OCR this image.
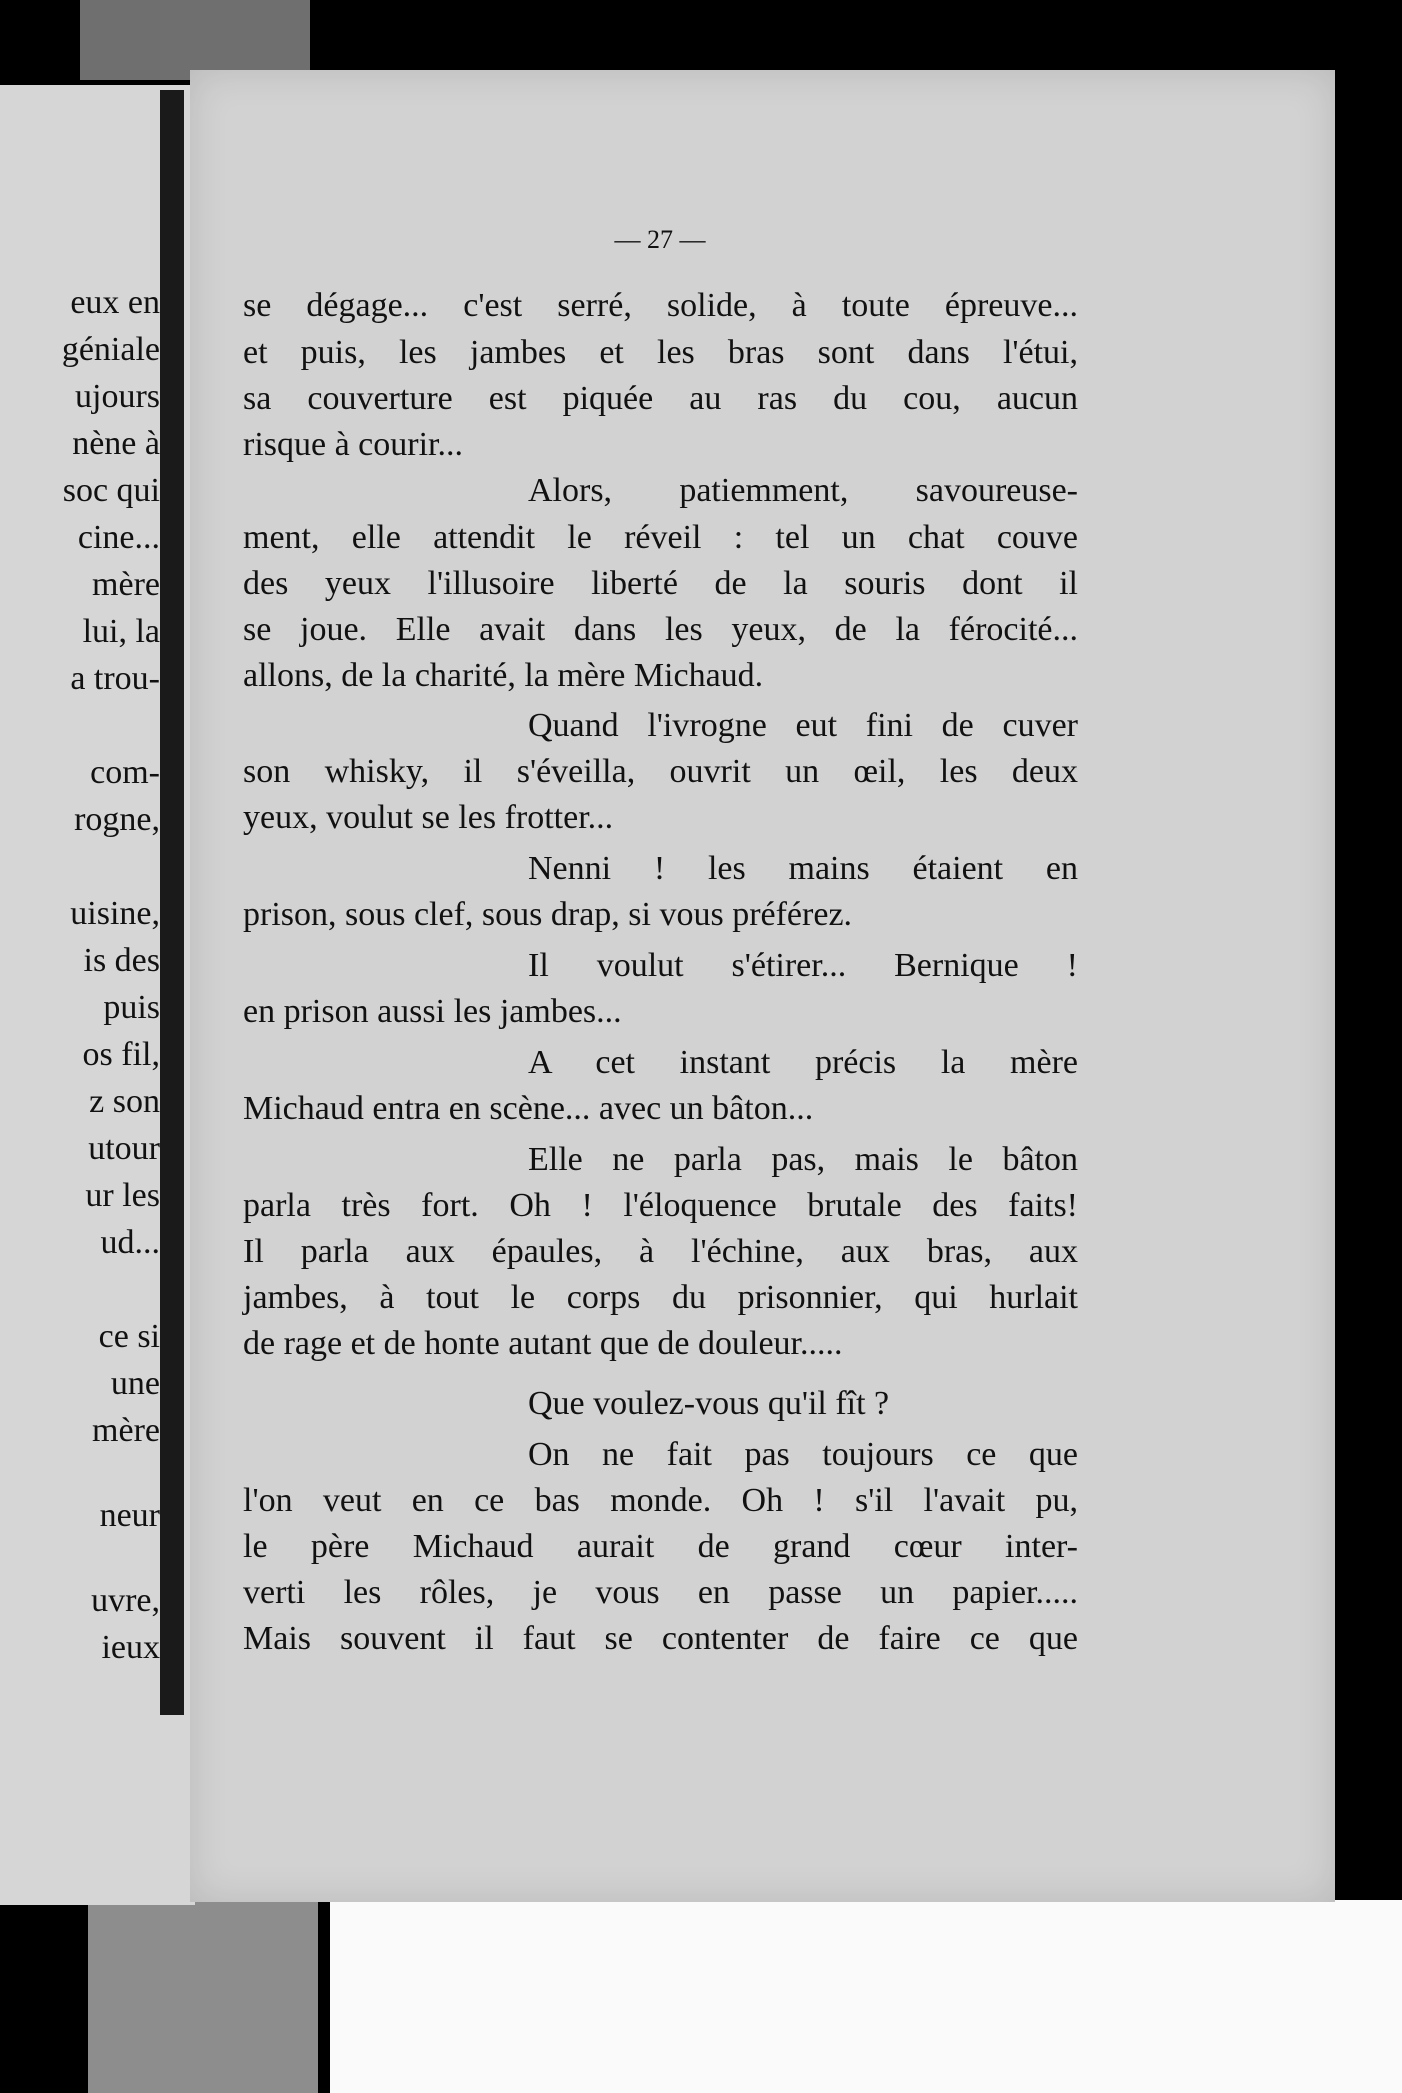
eux en
géniale
ujours
nène à
soc qui
cine...
mère
lui, la
a trou-
com-
rogne,
uisine,
is des
puis
os fil,
z son
utour
ur les
ud...
ce si
une
mère
neur
uvre,
ieux
— 27 —
se dégage... c'est serré, solide, à toute épreuve...
et puis, les jambes et les bras sont dans l'étui,
sa couverture est piquée au ras du cou, aucun
risque à courir...
Alors, patiemment, savoureuse-
ment, elle attendit le réveil : tel un chat couve
des yeux l'illusoire liberté de la souris dont il
se joue. Elle avait dans les yeux, de la férocité...
allons, de la charité, la mère Michaud.
Quand l'ivrogne eut fini de cuver
son whisky, il s'éveilla, ouvrit un œil, les deux
yeux, voulut se les frotter...
Nenni ! les mains étaient en
prison, sous clef, sous drap, si vous préférez.
Il voulut s'étirer... Bernique !
en prison aussi les jambes...
A cet instant précis la mère
Michaud entra en scène... avec un bâton...
Elle ne parla pas, mais le bâton
parla très fort. Oh ! l'éloquence brutale des faits!
Il parla aux épaules, à l'échine, aux bras, aux
jambes, à tout le corps du prisonnier, qui hurlait
de rage et de honte autant que de douleur.....
Que voulez-vous qu'il fît ?
On ne fait pas toujours ce que
l'on veut en ce bas monde. Oh ! s'il l'avait pu,
le père Michaud aurait de grand cœur inter-
verti les rôles, je vous en passe un papier.....
Mais souvent il faut se contenter de faire ce que
